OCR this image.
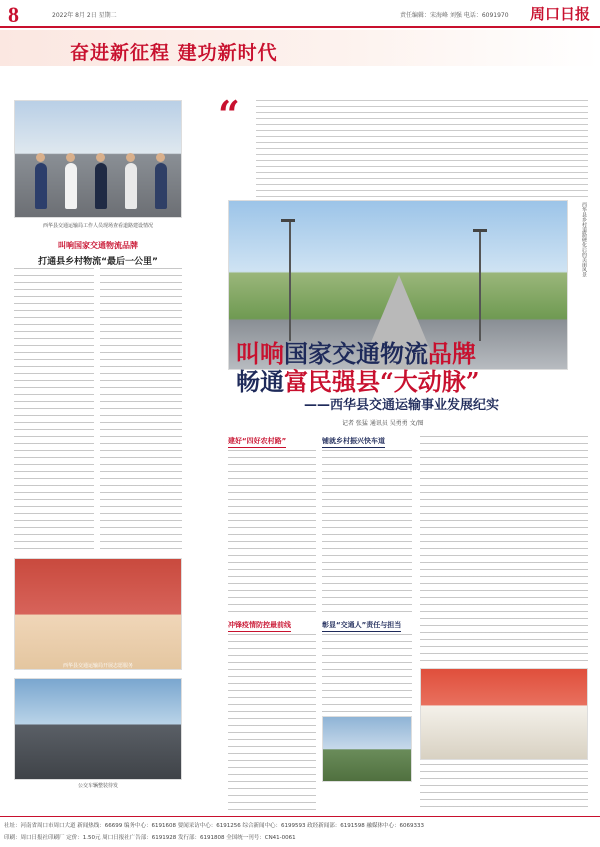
8	2022年 8月 2日 星期二	责任编辑：宋海峰 刘强 电话：6091970 周口日报
奋进新征程 建功新时代
西华县交通运输局工作人员现场查看道路建设情况
叫响国家交通物流品牌
打通县乡村物流“最后一公里”
西华县交通运输局开展志愿服务
公交车辆整装待发
“
西华县乡村道路硬化后的美丽风景
叫响国家交通物流品牌
畅通富民强县“大动脉”
——西华县交通运输事业发展纪实
记者 张猛 通讯员 吴勇勇 文/图
建好“四好农村路”	铺就乡村振兴快车道
冲锋疫情防控最前线	彰显“交通人”责任与担当
社址：河南省周口市周口大道 新闻热线：66699 编务中心：6191608 要闻采访中心：6191256 综合新闻中心：6199593 政经新闻部：6191598 融媒体中心：6069333
印刷：周口日报社印刷厂 定价：1.50元 周口日报社广告部：6191928 发行部：6191808 全国统一刊号：CN41-0061
